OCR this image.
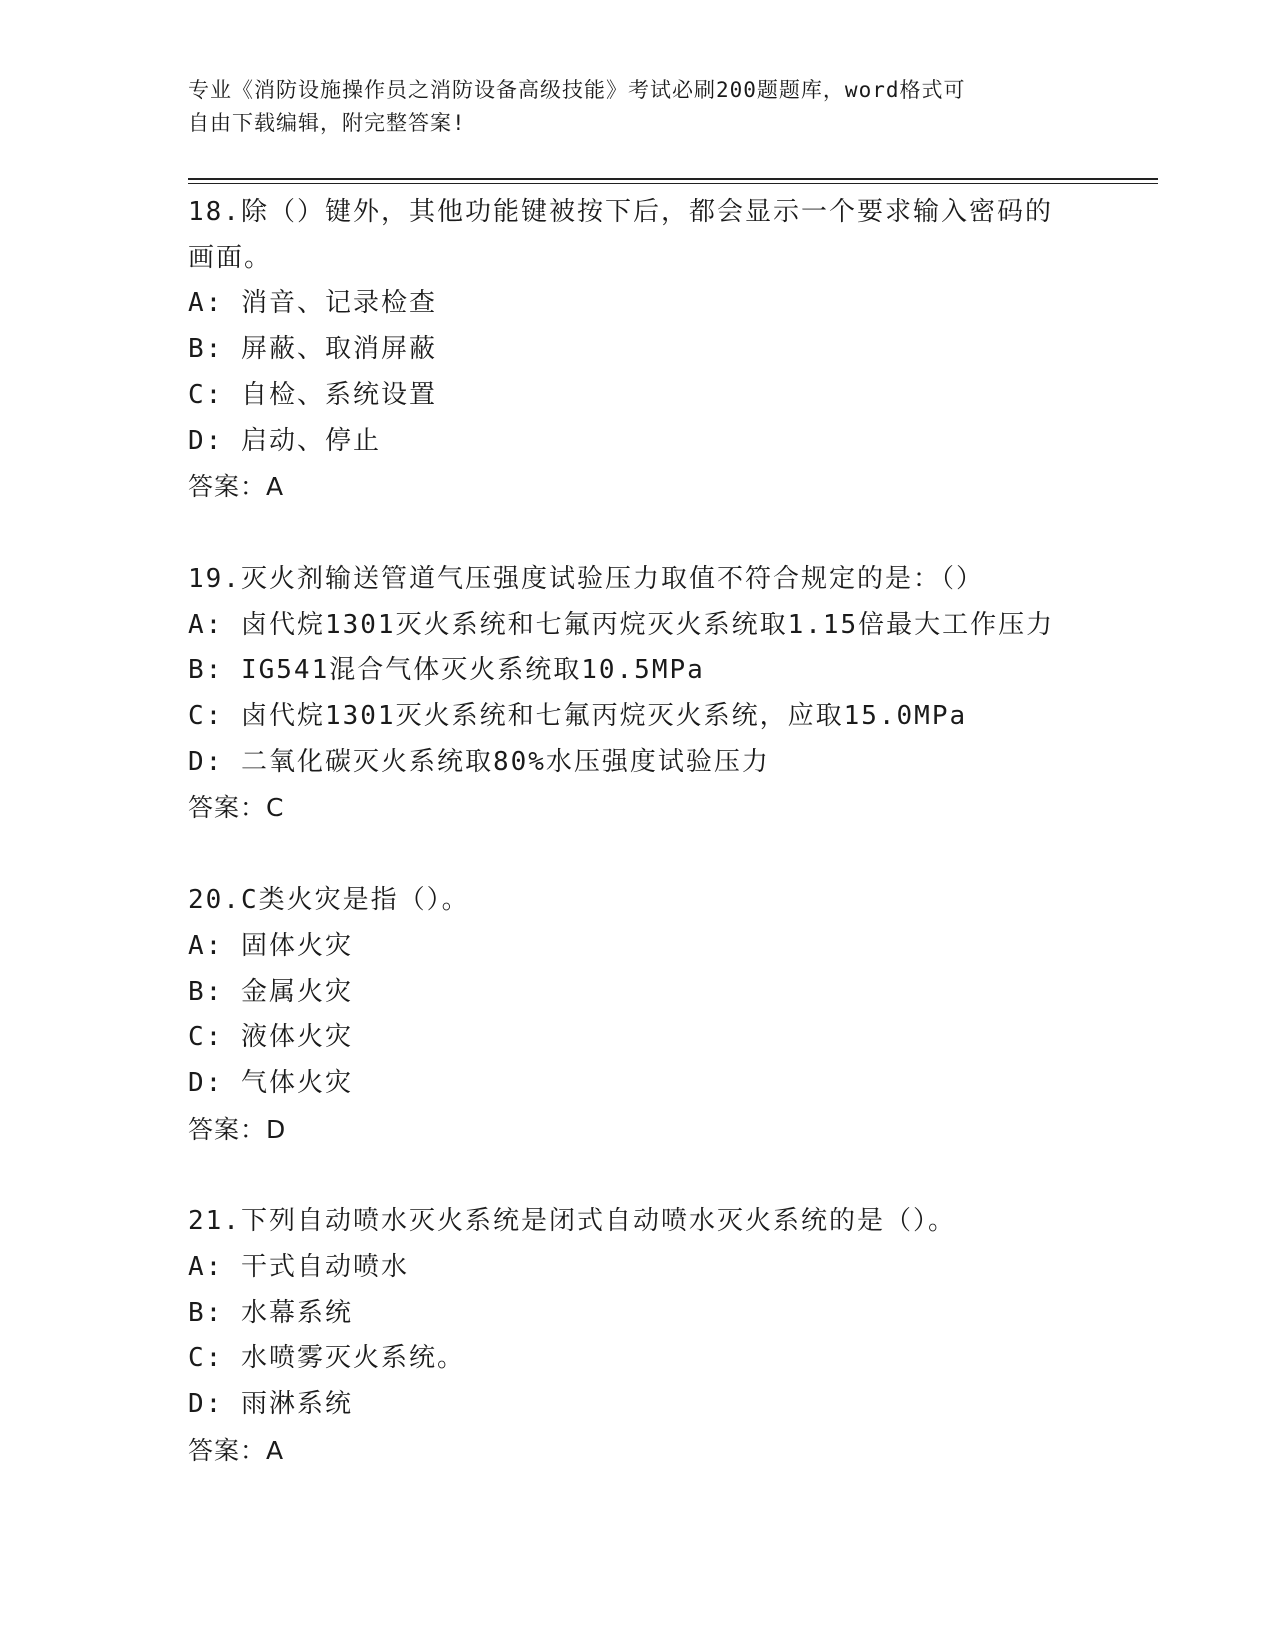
专业《消防设施操作员之消防设备高级技能》考试必刷200题题库，word格式可
自由下载编辑，附完整答案!
18.除（）键外，其他功能键被按下后，都会显示一个要求输入密码的
画面。
A: 消音、记录检查
B: 屏蔽、取消屏蔽
C: 自检、系统设置
D: 启动、停止
答案：A
19.灭火剂输送管道气压强度试验压力取值不符合规定的是：（）
A: 卤代烷1301灭火系统和七氟丙烷灭火系统取1.15倍最大工作压力
B: IG541混合气体灭火系统取10.5MPa
C: 卤代烷1301灭火系统和七氟丙烷灭火系统，应取15.0MPa
D: 二氧化碳灭火系统取80%水压强度试验压力
答案：C
20.C类火灾是指（）。
A: 固体火灾
B: 金属火灾
C: 液体火灾
D: 气体火灾
答案：D
21.下列自动喷水灭火系统是闭式自动喷水灭火系统的是（）。
A: 干式自动喷水
B: 水幕系统
C: 水喷雾灭火系统。
D: 雨淋系统
答案：A
